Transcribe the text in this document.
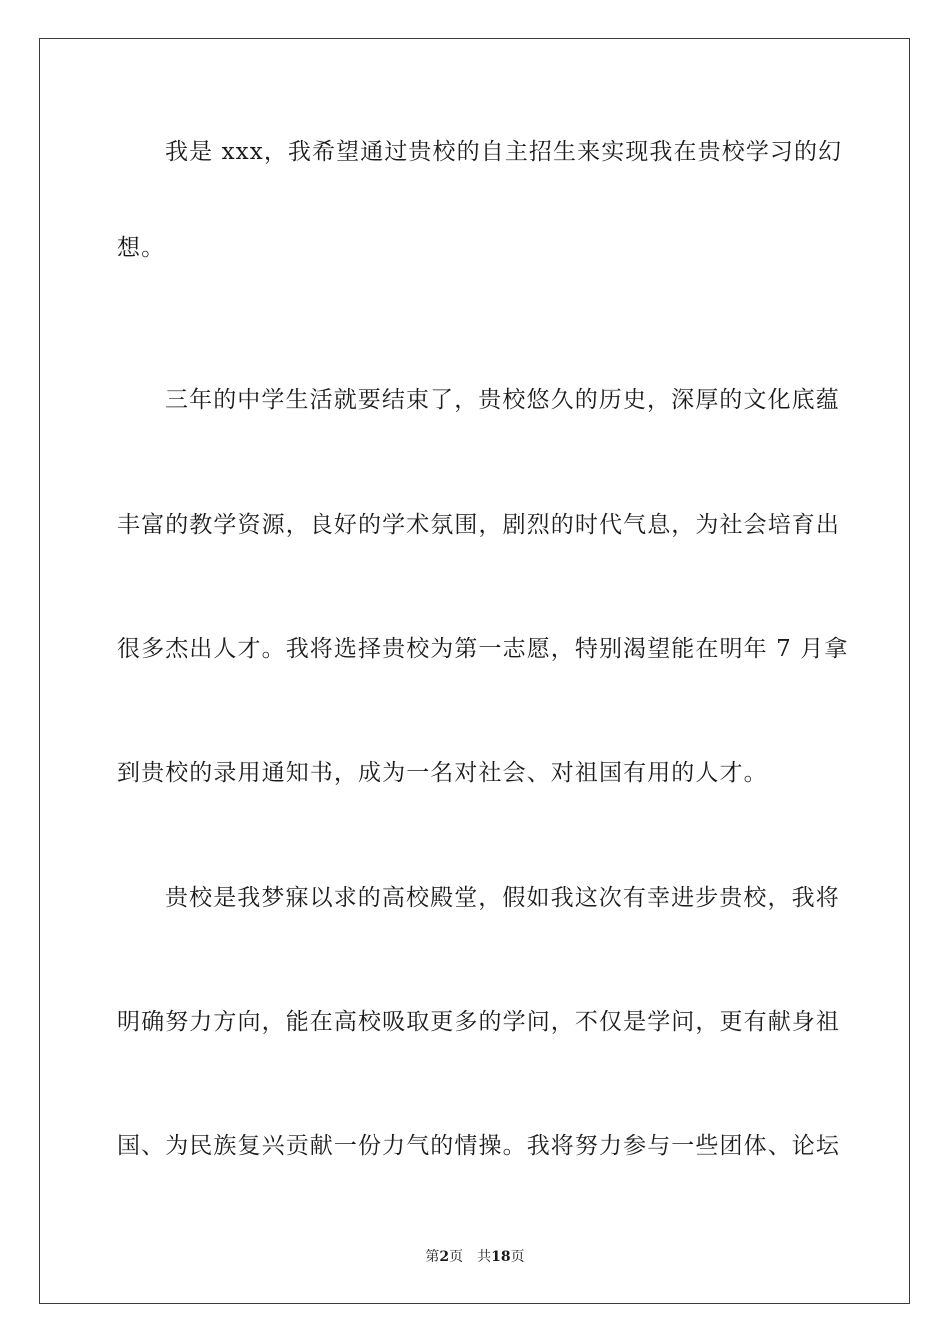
我是 xxx，我希望通过贵校的自主招生来实现我在贵校学习的幻
想。
三年的中学生活就要结束了，贵校悠久的历史，深厚的文化底蕴
丰富的教学资源，良好的学术氛围，剧烈的时代气息，为社会培育出
很多杰出人才。我将选择贵校为第一志愿，特别渴望能在明年 7 月拿
到贵校的录用通知书，成为一名对社会、对祖国有用的人才。
贵校是我梦寐以求的高校殿堂，假如我这次有幸进步贵校，我将
明确努力方向，能在高校吸取更多的学问，不仅是学问，更有献身祖
国、为民族复兴贡献一份力气的情操。我将努力参与一些团体、论坛
第2页 共18页
